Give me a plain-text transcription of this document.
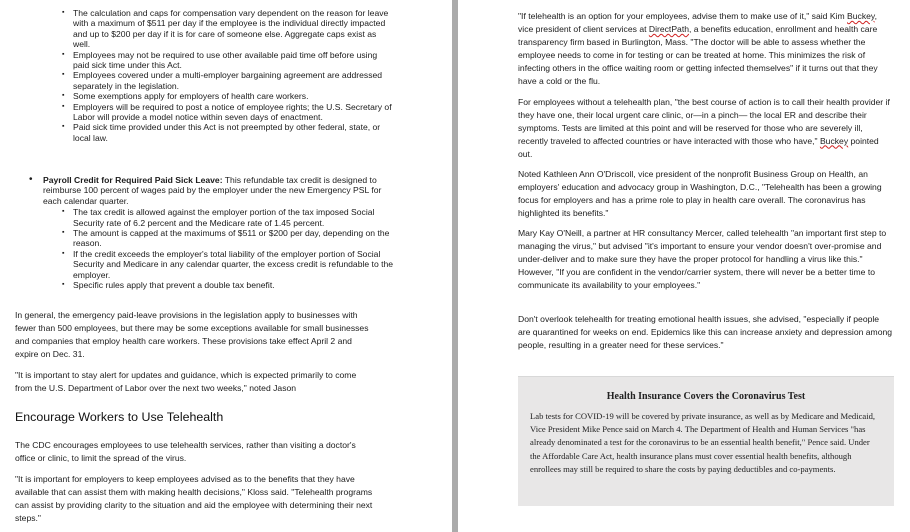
▪ The calculation and caps for compensation vary dependent on the reason for leave with a maximum of $511 per day if the employee is the individual directly impacted and up to $200 per day if it is for care of someone else. Aggregate caps exist as well.
▪ Employees may not be required to use other available paid time off before using paid sick time under this Act.
▪ Employees covered under a multi-employer bargaining agreement are addressed separately in the legislation.
▪ Some exemptions apply for employers of health care workers.
▪ Employers will be required to post a notice of employee rights; the U.S. Secretary of Labor will provide a model notice within seven days of enactment.
▪ Paid sick time provided under this Act is not preempted by other federal, state, or local law.
• Payroll Credit for Required Paid Sick Leave: This refundable tax credit is designed to reimburse 100 percent of wages paid by the employer under the new Emergency PSL for each calendar quarter.
▪ The tax credit is allowed against the employer portion of the tax imposed Social Security rate of 6.2 percent and the Medicare rate of 1.45 percent.
▪ The amount is capped at the maximums of $511 or $200 per day, depending on the reason.
▪ If the credit exceeds the employer's total liability of the employer portion of Social Security and Medicare in any calendar quarter, the excess credit is refundable to the employer.
▪ Specific rules apply that prevent a double tax benefit.

In general, the emergency paid-leave provisions in the legislation apply to businesses with fewer than 500 employees, but there may be some exceptions available for small businesses and companies that employ health care workers. These provisions take effect April 2 and expire on Dec. 31.

"It is important to stay alert for updates and guidance, which is expected primarily to come from the U.S. Department of Labor over the next two weeks," noted Jason

Encourage Workers to Use Telehealth

The CDC encourages employees to use telehealth services, rather than visiting a doctor's office or clinic, to limit the spread of the virus.

"It is important for employers to keep employees advised as to the benefits that they have available that can assist them with making health decisions," Kloss said. "Telehealth programs can assist by providing clarity to the situation and aid the employee with determining their next steps."

"If telehealth is an option for your employees, advise them to make use of it," said Kim Buckey, vice president of client services at DirectPath, a benefits education, enrollment and health care transparency firm based in Burlington, Mass. "The doctor will be able to assess whether the employee needs to come in for testing or can be treated at home. This minimizes the risk of infecting others in the office waiting room or getting infected themselves" if it turns out that they have a cold or the flu.

For employees without a telehealth plan, "the best course of action is to call their health provider if they have one, their local urgent care clinic, or—in a pinch— the local ER and describe their symptoms. Tests are limited at this point and will be reserved for those who are severely ill, recently traveled to affected countries or have interacted with those who have," Buckey pointed out.

Noted Kathleen Ann O'Driscoll, vice president of the nonprofit Business Group on Health, an employers' education and advocacy group in Washington, D.C., "Telehealth has been a growing focus for employers and has a prime role to play in health care overall. The coronavirus has highlighted its benefits."

Mary Kay O'Neill, a partner at HR consultancy Mercer, called telehealth "an important first step to managing the virus," but advised "it's important to ensure your vendor doesn't over-promise and under-deliver and to make sure they have the proper protocol for handling a virus like this." However, "If you are confident in the vendor/carrier system, there will never be a better time to communicate its availability to your employees."

Don't overlook telehealth for treating emotional health issues, she advised, "especially if people are quarantined for weeks on end. Epidemics like this can increase anxiety and depression among people, resulting in a greater need for these services."

Health Insurance Covers the Coronavirus Test

Lab tests for COVID-19 will be covered by private insurance, as well as by Medicare and Medicaid, Vice President Mike Pence said on March 4. The Department of Health and Human Services "has already denominated a test for the coronavirus to be an essential health benefit," Pence said. Under the Affordable Care Act, health insurance plans must cover essential health benefits, although enrollees may still be required to share the costs by paying deductibles and co-payments.
